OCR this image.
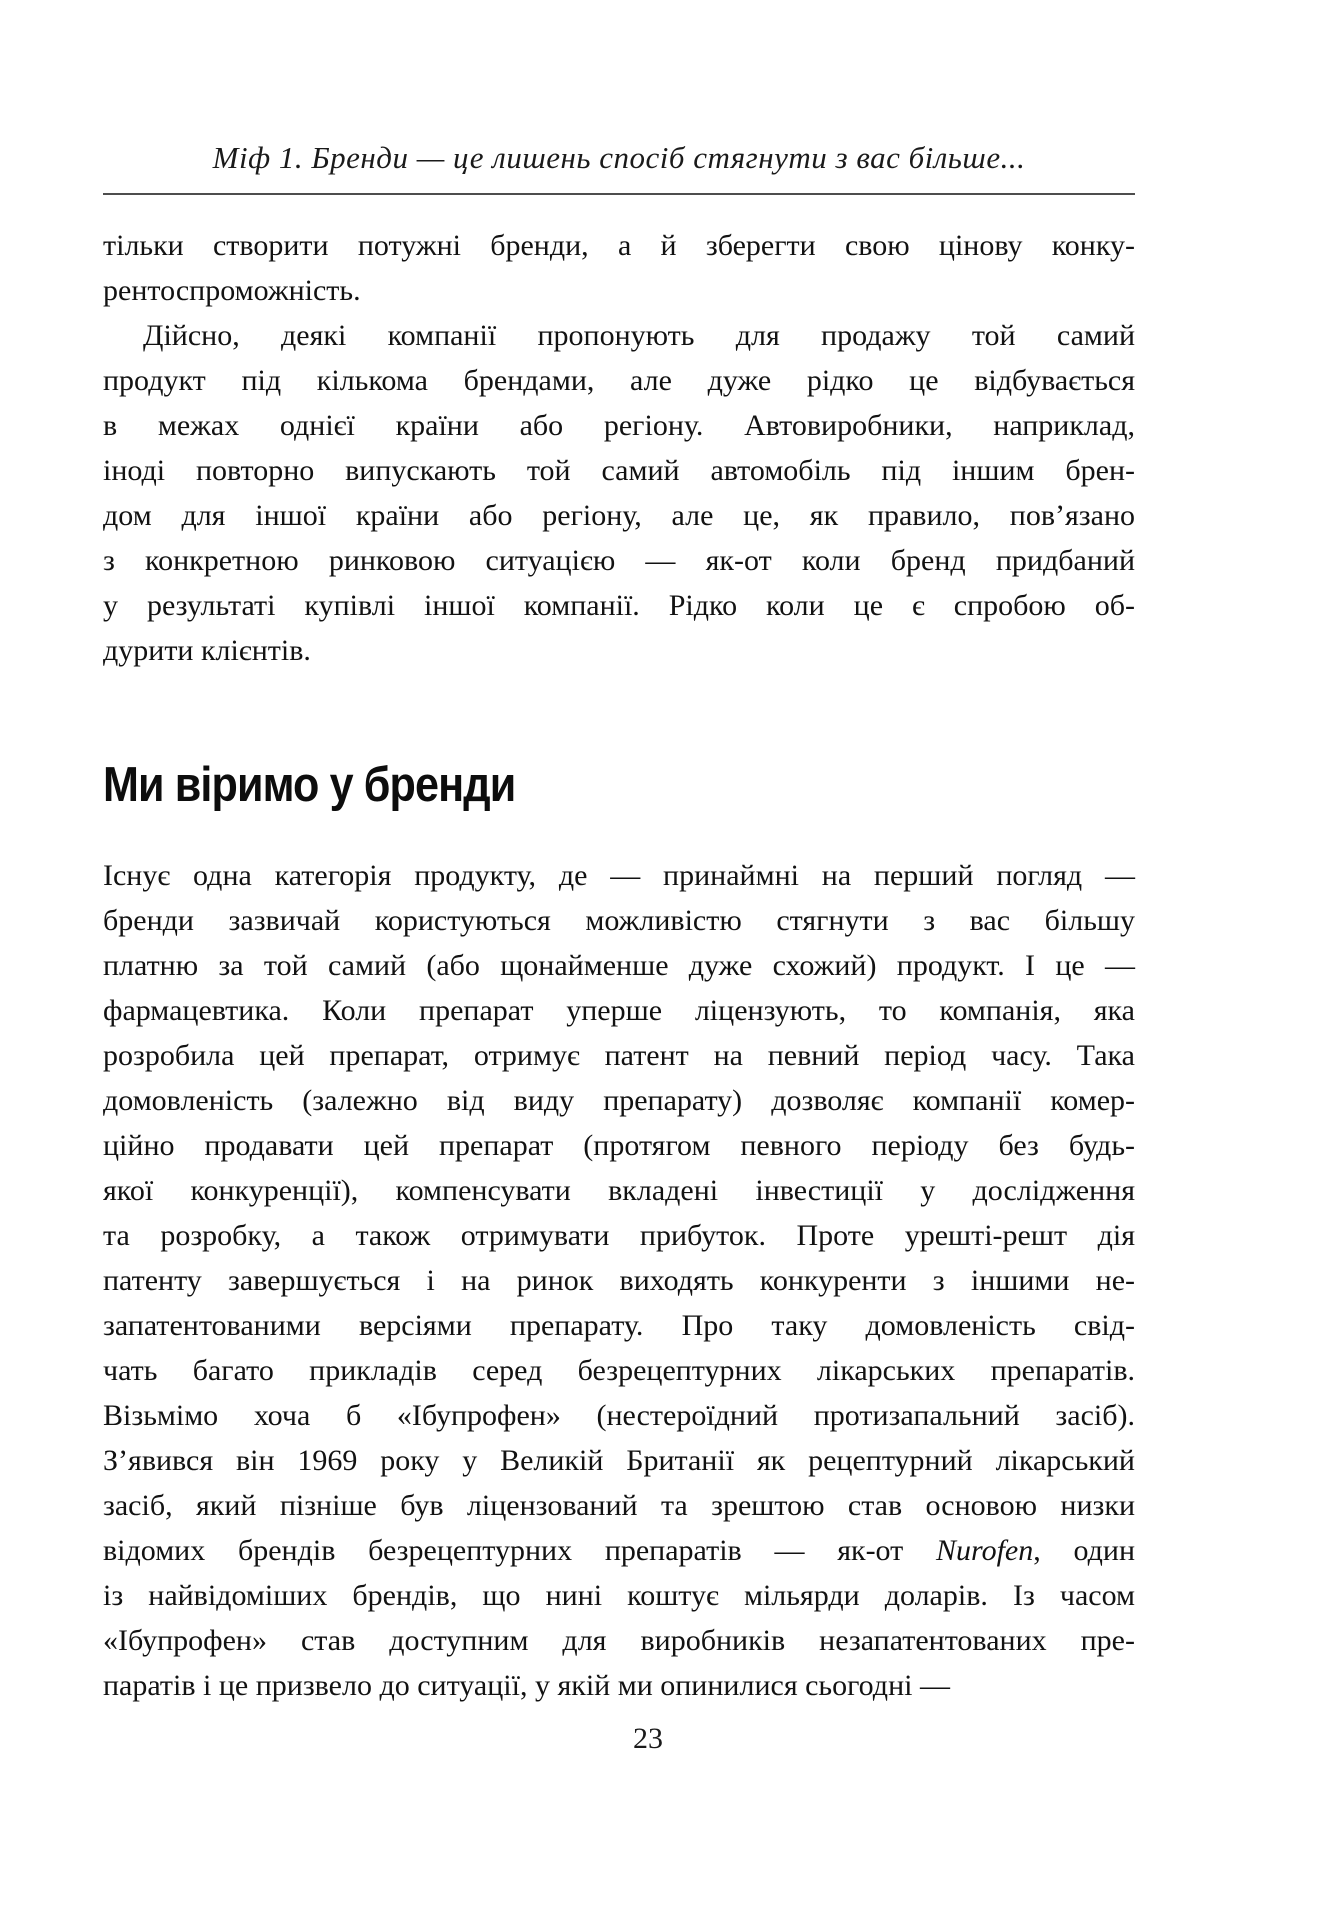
Міф 1. Бренди — це лишень спосіб стягнути з вас більше...
тільки створити потужні бренди, а й зберегти свою цінову конку-
рентоспроможність.
Дійсно, деякі компанії пропонують для продажу той самий
продукт під кількома брендами, але дуже рідко це відбувається
в межах однієї країни або регіону. Автовиробники, наприклад,
іноді повторно випускають той самий автомобіль під іншим брен-
дом для іншої країни або регіону, але це, як правило, пов’язано
з конкретною ринковою ситуацією — як-от коли бренд придбаний
у результаті купівлі іншої компанії. Рідко коли це є спробою об-
дурити клієнтів.
Ми віримо у бренди
Існує одна категорія продукту, де — принаймні на перший погляд —
бренди зазвичай користуються можливістю стягнути з вас більшу
платню за той самий (або щонайменше дуже схожий) продукт. І це —
фармацевтика. Коли препарат уперше ліцензують, то компанія, яка
розробила цей препарат, отримує патент на певний період часу. Така
домовленість (залежно від виду препарату) дозволяє компанії комер-
ційно продавати цей препарат (протягом певного періоду без будь-
якої конкуренції), компенсувати вкладені інвестиції у дослідження
та розробку, а також отримувати прибуток. Проте урешті-решт дія
патенту завершується і на ринок виходять конкуренти з іншими не-
запатентованими версіями препарату. Про таку домовленість свід-
чать багато прикладів серед безрецептурних лікарських препаратів.
Візьмімо хоча б «Ібупрофен» (нестероїдний протизапальний засіб).
З’явився він 1969 року у Великій Британії як рецептурний лікарський
засіб, який пізніше був ліцензований та зрештою став основою низки
відомих брендів безрецептурних препаратів — як-от Nurofen, один
із найвідоміших брендів, що нині коштує мільярди доларів. Із часом
«Ібупрофен» став доступним для виробників незапатентованих пре-
паратів і це призвело до ситуації, у якій ми опинилися сьогодні —
23
